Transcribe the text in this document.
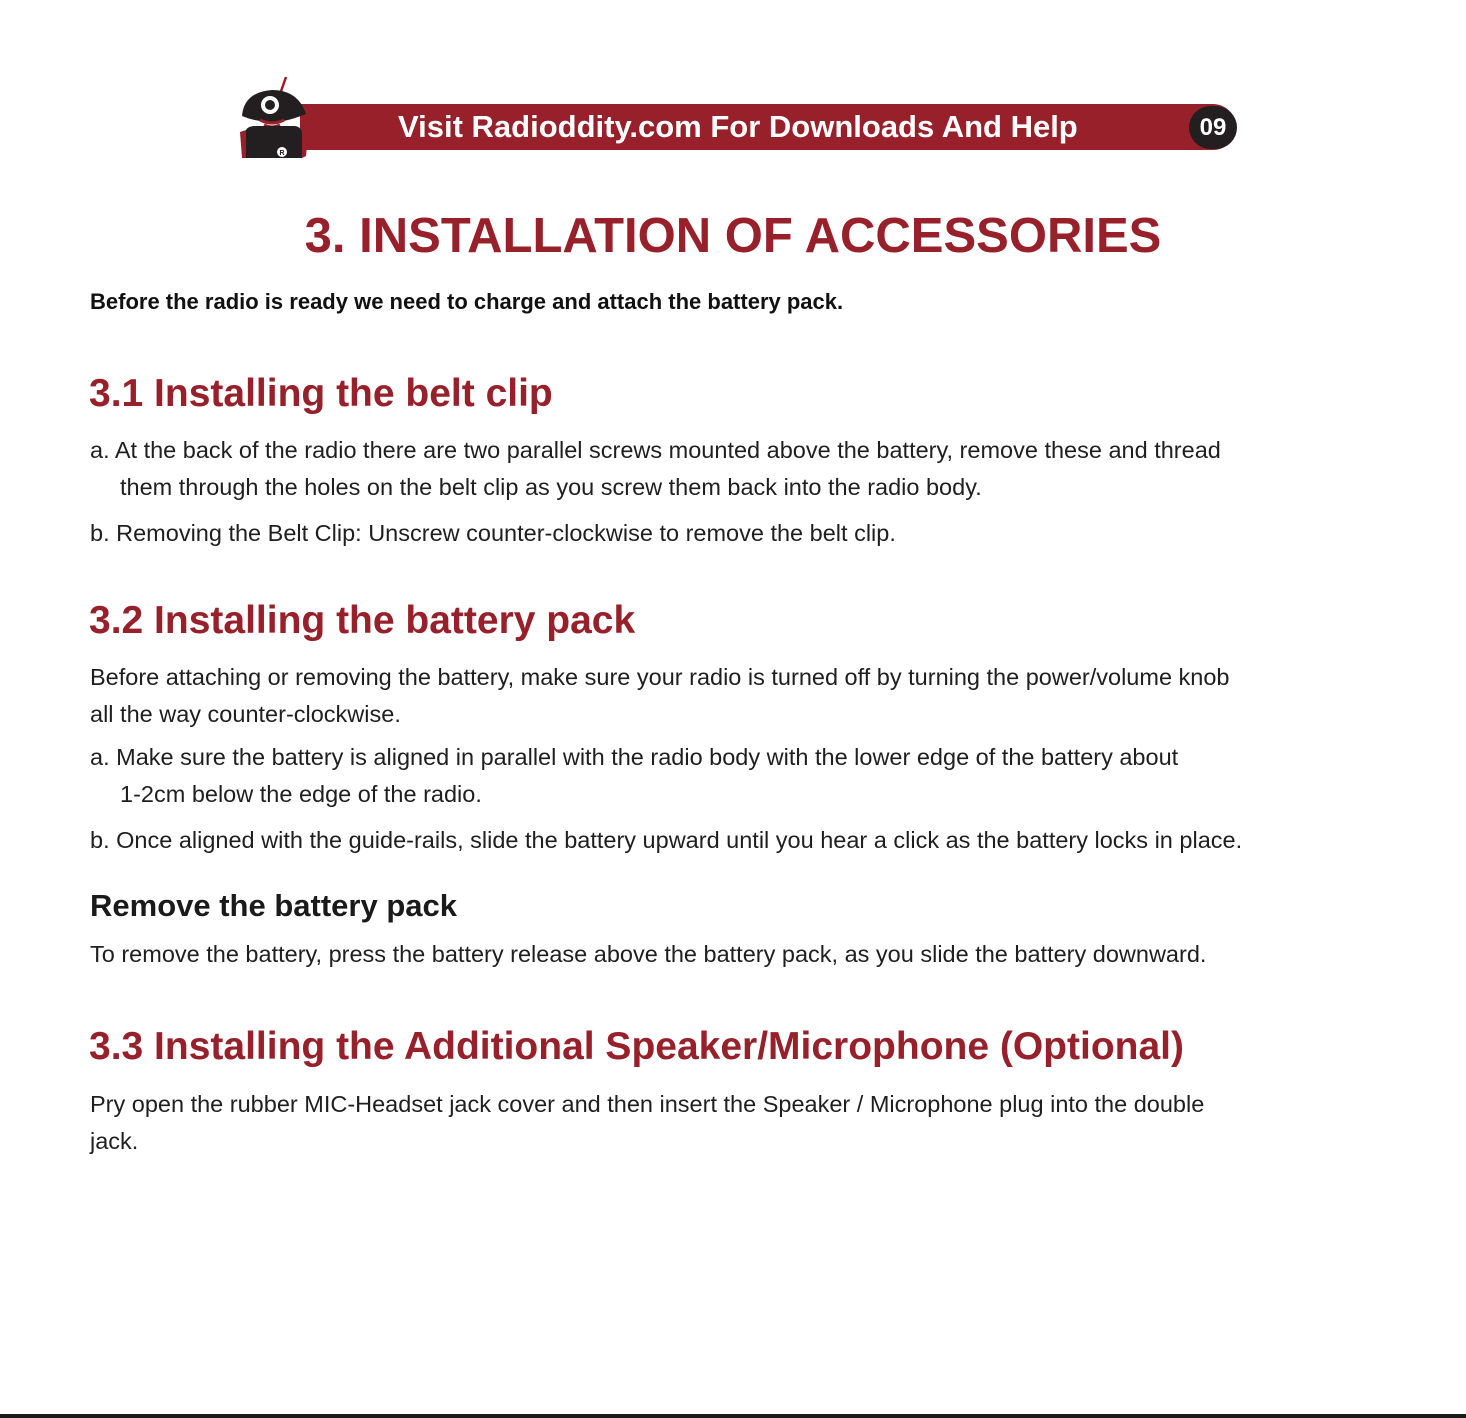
R
Visit Radioddity.com For Downloads And Help	09
3. INSTALLATION OF ACCESSORIES

Before the radio is ready we need to charge and attach the battery pack.

3.1 Installing the belt clip

a. At the back of the radio there are two parallel screws mounted above the battery, remove these and thread
them through the holes on the belt clip as you screw them back into the radio body.

b. Removing the Belt Clip: Unscrew counter-clockwise to remove the belt clip.

3.2 Installing the battery pack

Before attaching or removing the battery, make sure your radio is turned off by turning the power/volume knob
all the way counter-clockwise.

a. Make sure the battery is aligned in parallel with the radio body with the lower edge of the battery about
1-2cm below the edge of the radio.

b. Once aligned with the guide-rails, slide the battery upward until you hear a click as the battery locks in place.

Remove the battery pack

To remove the battery, press the battery release above the battery pack, as you slide the battery downward.

3.3 Installing the Additional Speaker/Microphone (Optional)

Pry open the rubber MIC-Headset jack cover and then insert the Speaker / Microphone plug into the double
jack.
